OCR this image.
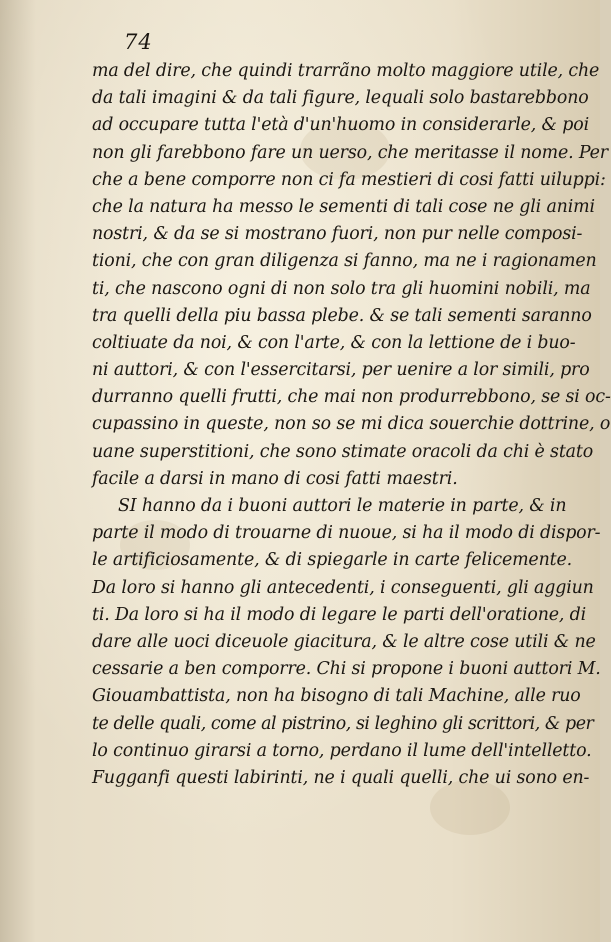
74
ma del dire, che quindi trarrãno molto maggiore utile, che
da tali imagini & da tali figure, lequali solo bastarebbono
ad occupare tutta l'età d'un'huomo in considerarle, & poi
non gli farebbono fare un uerso, che meritasse il nome. Per
che a bene comporre non ci fa mestieri di cosi fatti uiluppi:
che la natura ha messo le sementi di tali cose ne gli animi
nostri, & da se si mostrano fuori, non pur nelle composi-
tioni, che con gran diligenza si fanno, ma ne i ragionamen
ti, che nascono ogni di non solo tra gli huomini nobili, ma
tra quelli della piu bassa plebe. & se tali sementi saranno
coltiuate da noi, & con l'arte, & con la lettione de i buo-
ni auttori, & con l'essercitarsi, per uenire a lor simili, pro
durranno quelli frutti, che mai non produrrebbono, se si oc-
cupassino in queste, non so se mi dica souerchie dottrine, o
uane superstitioni, che sono stimate oracoli da chi è stato
facile a darsi in mano di cosi fatti maestri.
SI hanno da i buoni auttori le materie in parte, & in
parte il modo di trouarne di nuoue, si ha il modo di dispor-
le artificiosamente, & di spiegarle in carte felicemente.
Da loro si hanno gli antecedenti, i conseguenti, gli aggiun
ti. Da loro si ha il modo di legare le parti dell'oratione, di
dare alle uoci diceuole giacitura, & le altre cose utili & ne
cessarie a ben comporre. Chi si propone i buoni auttori M.
Giouambattista, non ha bisogno di tali Machine, alle ruo
te delle quali, come al pistrino, si leghino gli scrittori, & per
lo continuo girarsi a torno, perdano il lume dell'intelletto.
Fugganfi questi labirinti, ne i quali quelli, che ui sono en-
